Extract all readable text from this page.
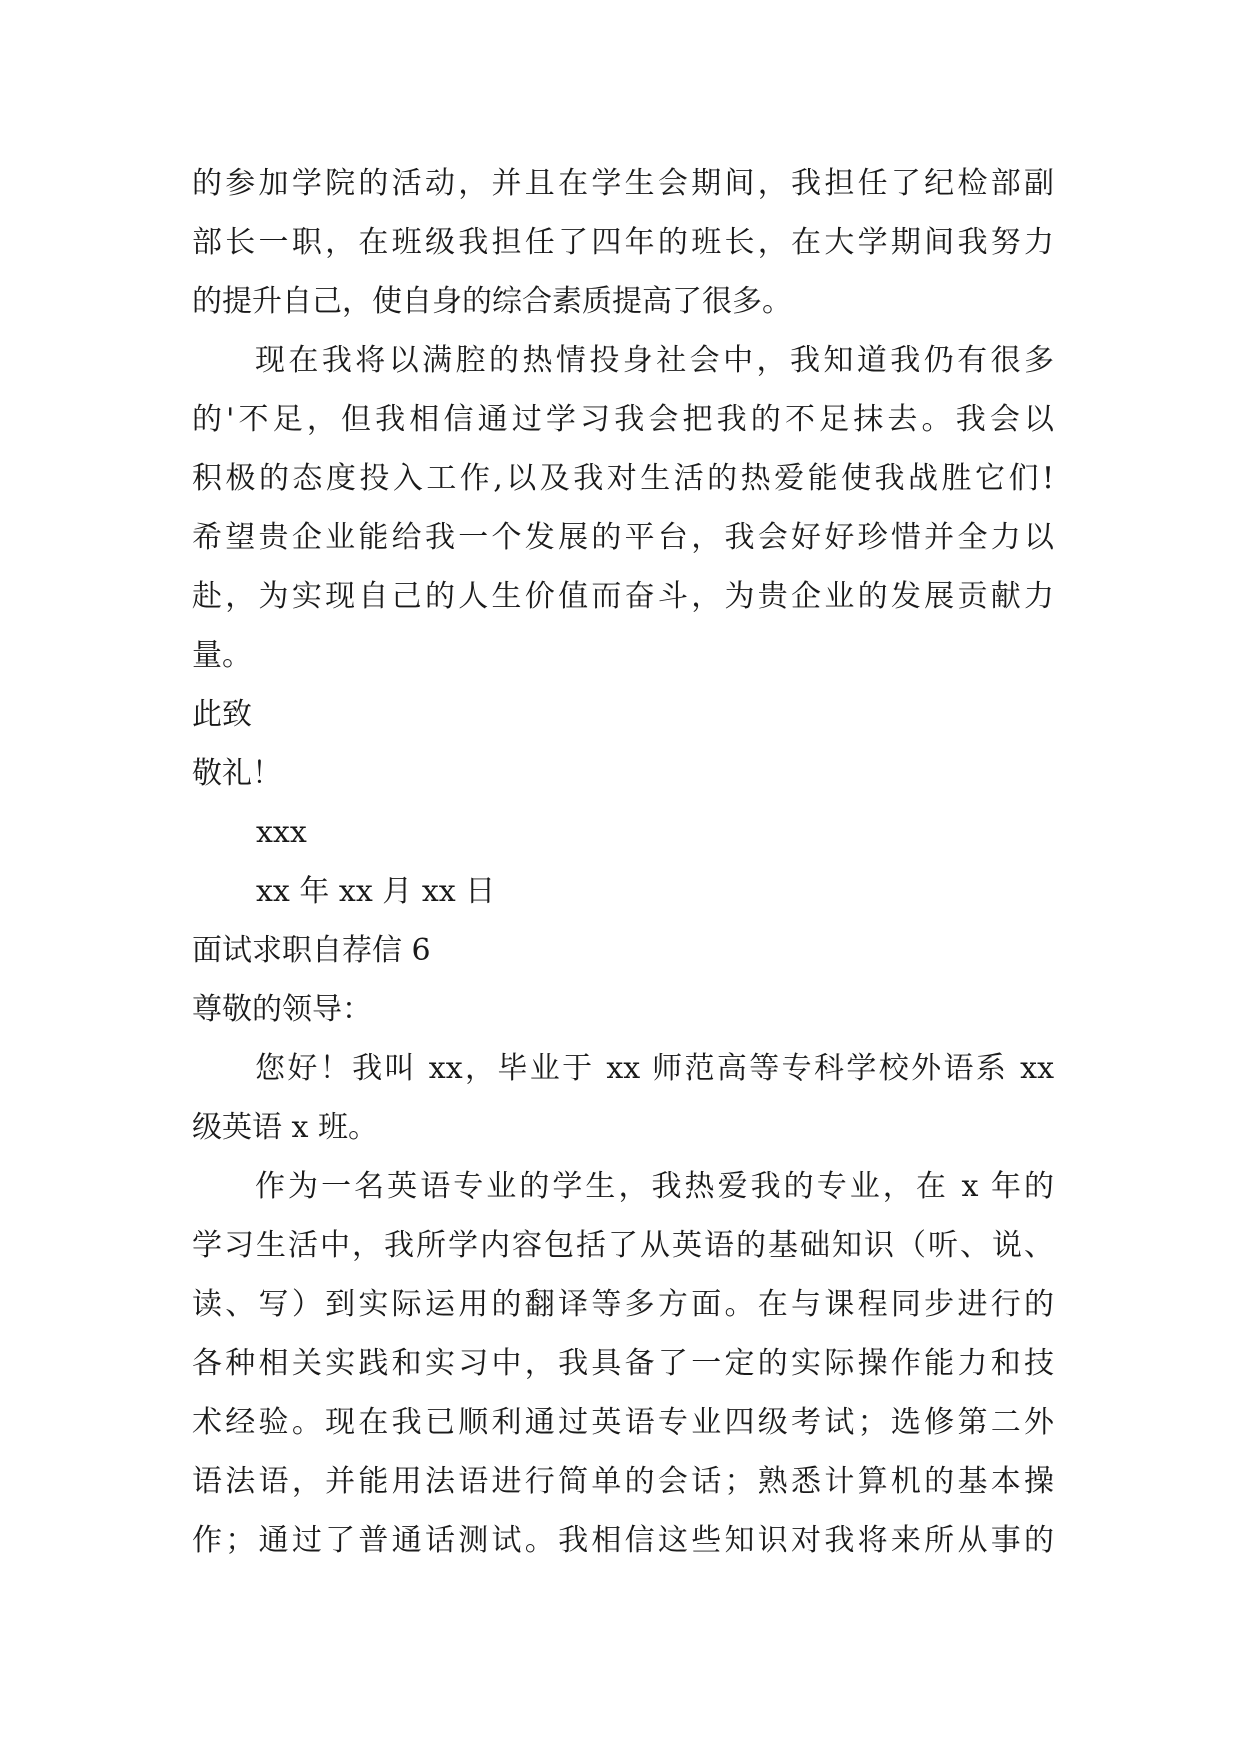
的参加学院的活动，并且在学生会期间，我担任了纪检部副

部长一职，在班级我担任了四年的班长，在大学期间我努力

的提升自己，使自身的综合素质提高了很多。

现在我将以满腔的热情投身社会中，我知道我仍有很多

的'不足，但我相信通过学习我会把我的不足抹去。我会以

积极的态度投入工作,以及我对生活的热爱能使我战胜它们!

希望贵企业能给我一个发展的平台，我会好好珍惜并全力以

赴，为实现自己的人生价值而奋斗，为贵企业的发展贡献力

量。

此致

敬礼！

xxx

xx 年 xx 月 xx 日

面试求职自荐信 6

尊敬的领导：

您好！我叫 xx，毕业于 xx 师范高等专科学校外语系 xx

级英语 x 班。

作为一名英语专业的学生，我热爱我的专业，在 x 年的

学习生活中，我所学内容包括了从英语的基础知识（听、说、

读、写）到实际运用的翻译等多方面。在与课程同步进行的

各种相关实践和实习中，我具备了一定的实际操作能力和技

术经验。现在我已顺利通过英语专业四级考试；选修第二外

语法语，并能用法语进行简单的会话；熟悉计算机的基本操

作；通过了普通话测试。我相信这些知识对我将来所从事的
